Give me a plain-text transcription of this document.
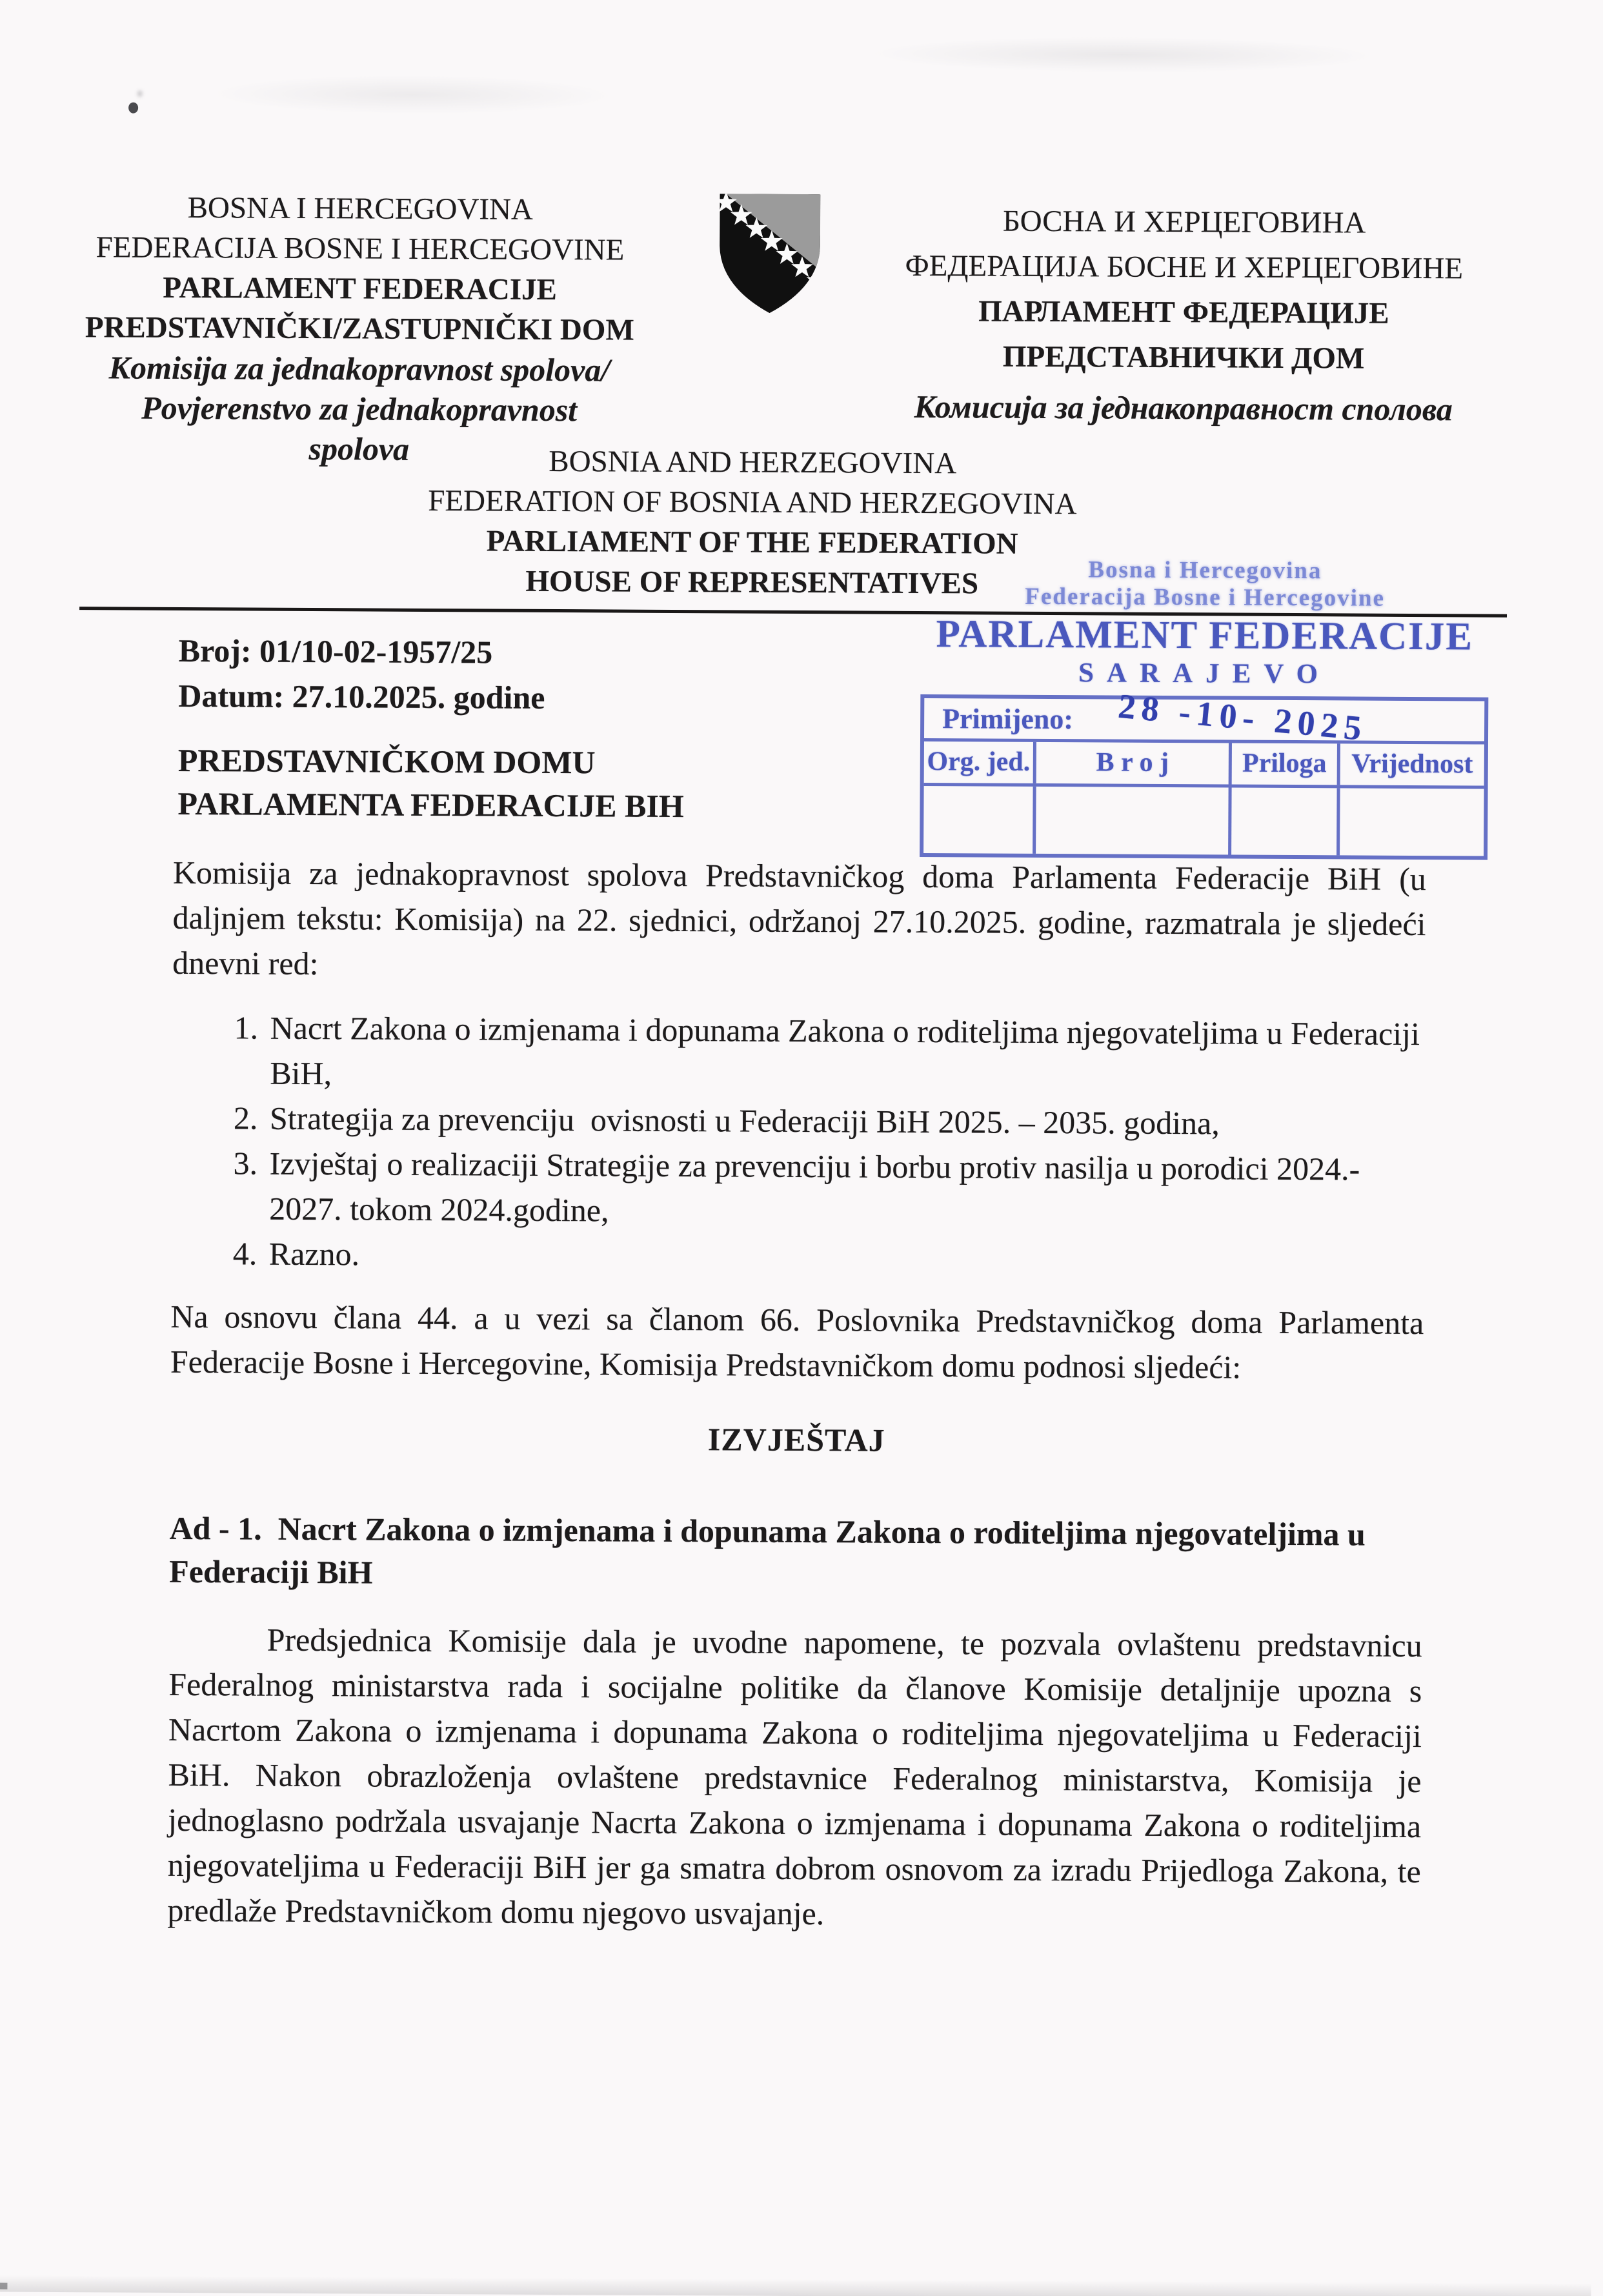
BOSNA I HERCEGOVINA
FEDERACIJA BOSNE I HERCEGOVINE
PARLAMENT FEDERACIJE
PREDSTAVNIČKI/ZASTUPNIČKI DOM
Komisija za jednakopravnost spolova/
Povjerenstvo za jednakopravnost
spolova
БОСНА И ХЕРЦЕГОВИНА
ФЕДЕРАЦИЈА БОСНЕ И ХЕРЦЕГОВИНЕ
ПАРЛАМЕНТ ФЕДЕРАЦИЈЕ
ПРЕДСТАВНИЧКИ ДОМ
Комисија за једнакоправност сполова
BOSNIA AND HERZEGOVINA
FEDERATION OF BOSNIA AND HERZEGOVINA
PARLIAMENT OF THE FEDERATION
HOUSE OF REPRESENTATIVES	Bosna i Hercegovina
Federacija Bosne i Hercegovine
PARLAMENT FEDERACIJE
SARAJEVO
Primijeno: 28 -10- 2025
Org. jed.	B r o j	Priloga Vrijednost
Broj: 01/10-02-1957/25
Datum: 27.10.2025. godine
PREDSTAVNIČKOM DOMU
PARLAMENTA FEDERACIJE BIH

Komisija za jednakopravnost spolova Predstavničkog doma Parlamenta Federacije BiH (u daljnjem tekstu: Komisija) na 22. sjednici, održanoj 27.10.2025. godine, razmatrala je sljedeći dnevni red:

1. Nacrt Zakona o izmjenama i dopunama Zakona o roditeljima njegovateljima u Federaciji BiH,
2. Strategija za prevenciju  ovisnosti u Federaciji BiH 2025. – 2035. godina,
3. Izvještaj o realizaciji Strategije za prevenciju i borbu protiv nasilja u porodici 2024.- 2027. tokom 2024.godine,
4. Razno.

Na osnovu člana 44. a u vezi sa članom 66. Poslovnika Predstavničkog doma Parlamenta Federacije Bosne i Hercegovine, Komisija Predstavničkom domu podnosi sljedeći:

IZVJEŠTAJ
Ad - 1.  Nacrt Zakona o izmjenama i dopunama Zakona o roditeljima njegovateljima u Federaciji BiH

Predsjednica Komisije dala je uvodne napomene, te pozvala ovlaštenu predstavnicu Federalnog ministarstva rada i socijalne politike da članove Komisije detaljnije upozna s Nacrtom Zakona o izmjenama i dopunama Zakona o roditeljima njegovateljima u Federaciji BiH. Nakon obrazloženja ovlaštene predstavnice Federalnog ministarstva, Komisija je jednoglasno podržala usvajanje Nacrta Zakona o izmjenama i dopunama Zakona o roditeljima njegovateljima u Federaciji BiH jer ga smatra dobrom osnovom za izradu Prijedloga Zakona, te predlaže Predstavničkom domu njegovo usvajanje.
